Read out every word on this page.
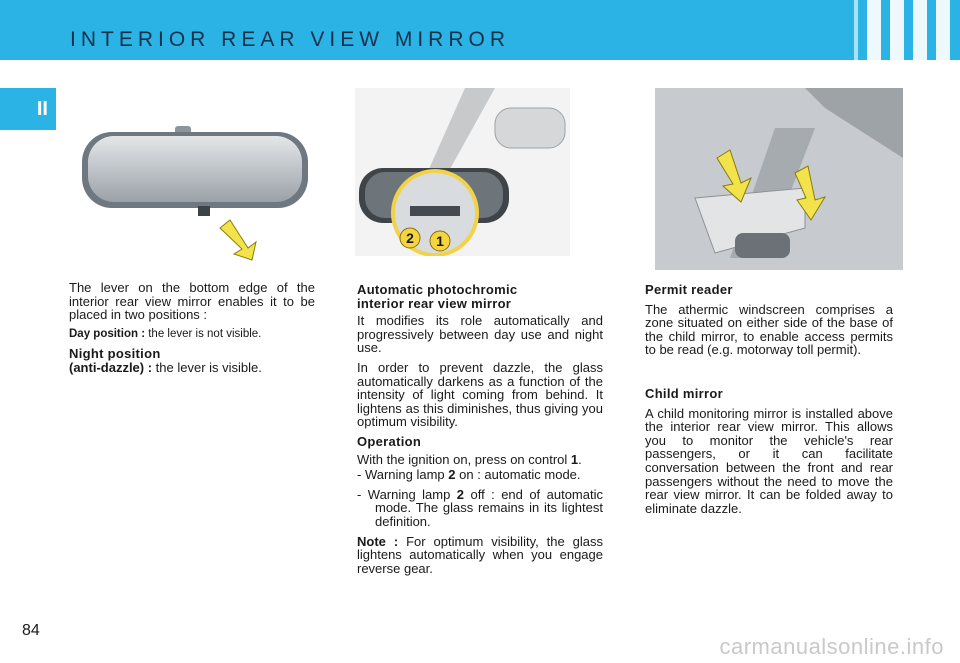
INTERIOR REAR VIEW MIRROR
II
2 1

The lever on the bottom edge of the interior rear view mirror enables it to be placed in two positions :

Day position : the lever is not visible.

Night position

(anti-dazzle) : the lever is visible.

Automatic photochromic
interior rear view mirror

It modifies its role automatically and progressively between day use and night use.

In order to prevent dazzle, the glass automatically darkens as a function of the intensity of light coming from behind. It lightens as this diminishes, thus giving you optimum visibility.

Operation

With the ignition on, press on control 1.

- Warning lamp 2 on : automatic mode.

- Warning lamp 2 off : end of automatic mode. The glass remains in its lightest definition.

Note : For optimum visibility, the glass lightens automatically when you engage reverse gear.

Permit reader

The athermic windscreen comprises a zone situated on either side of the base of the child mirror, to enable access permits to be read (e.g. motorway toll permit).

Child mirror

A child monitoring mirror is installed above the interior rear view mirror. This allows you to monitor the vehicle's rear passengers, or it can facilitate conversation between the front and rear passengers without the need to move the rear view mirror. It can be folded away to eliminate dazzle.

84
carmanualsonline.info
